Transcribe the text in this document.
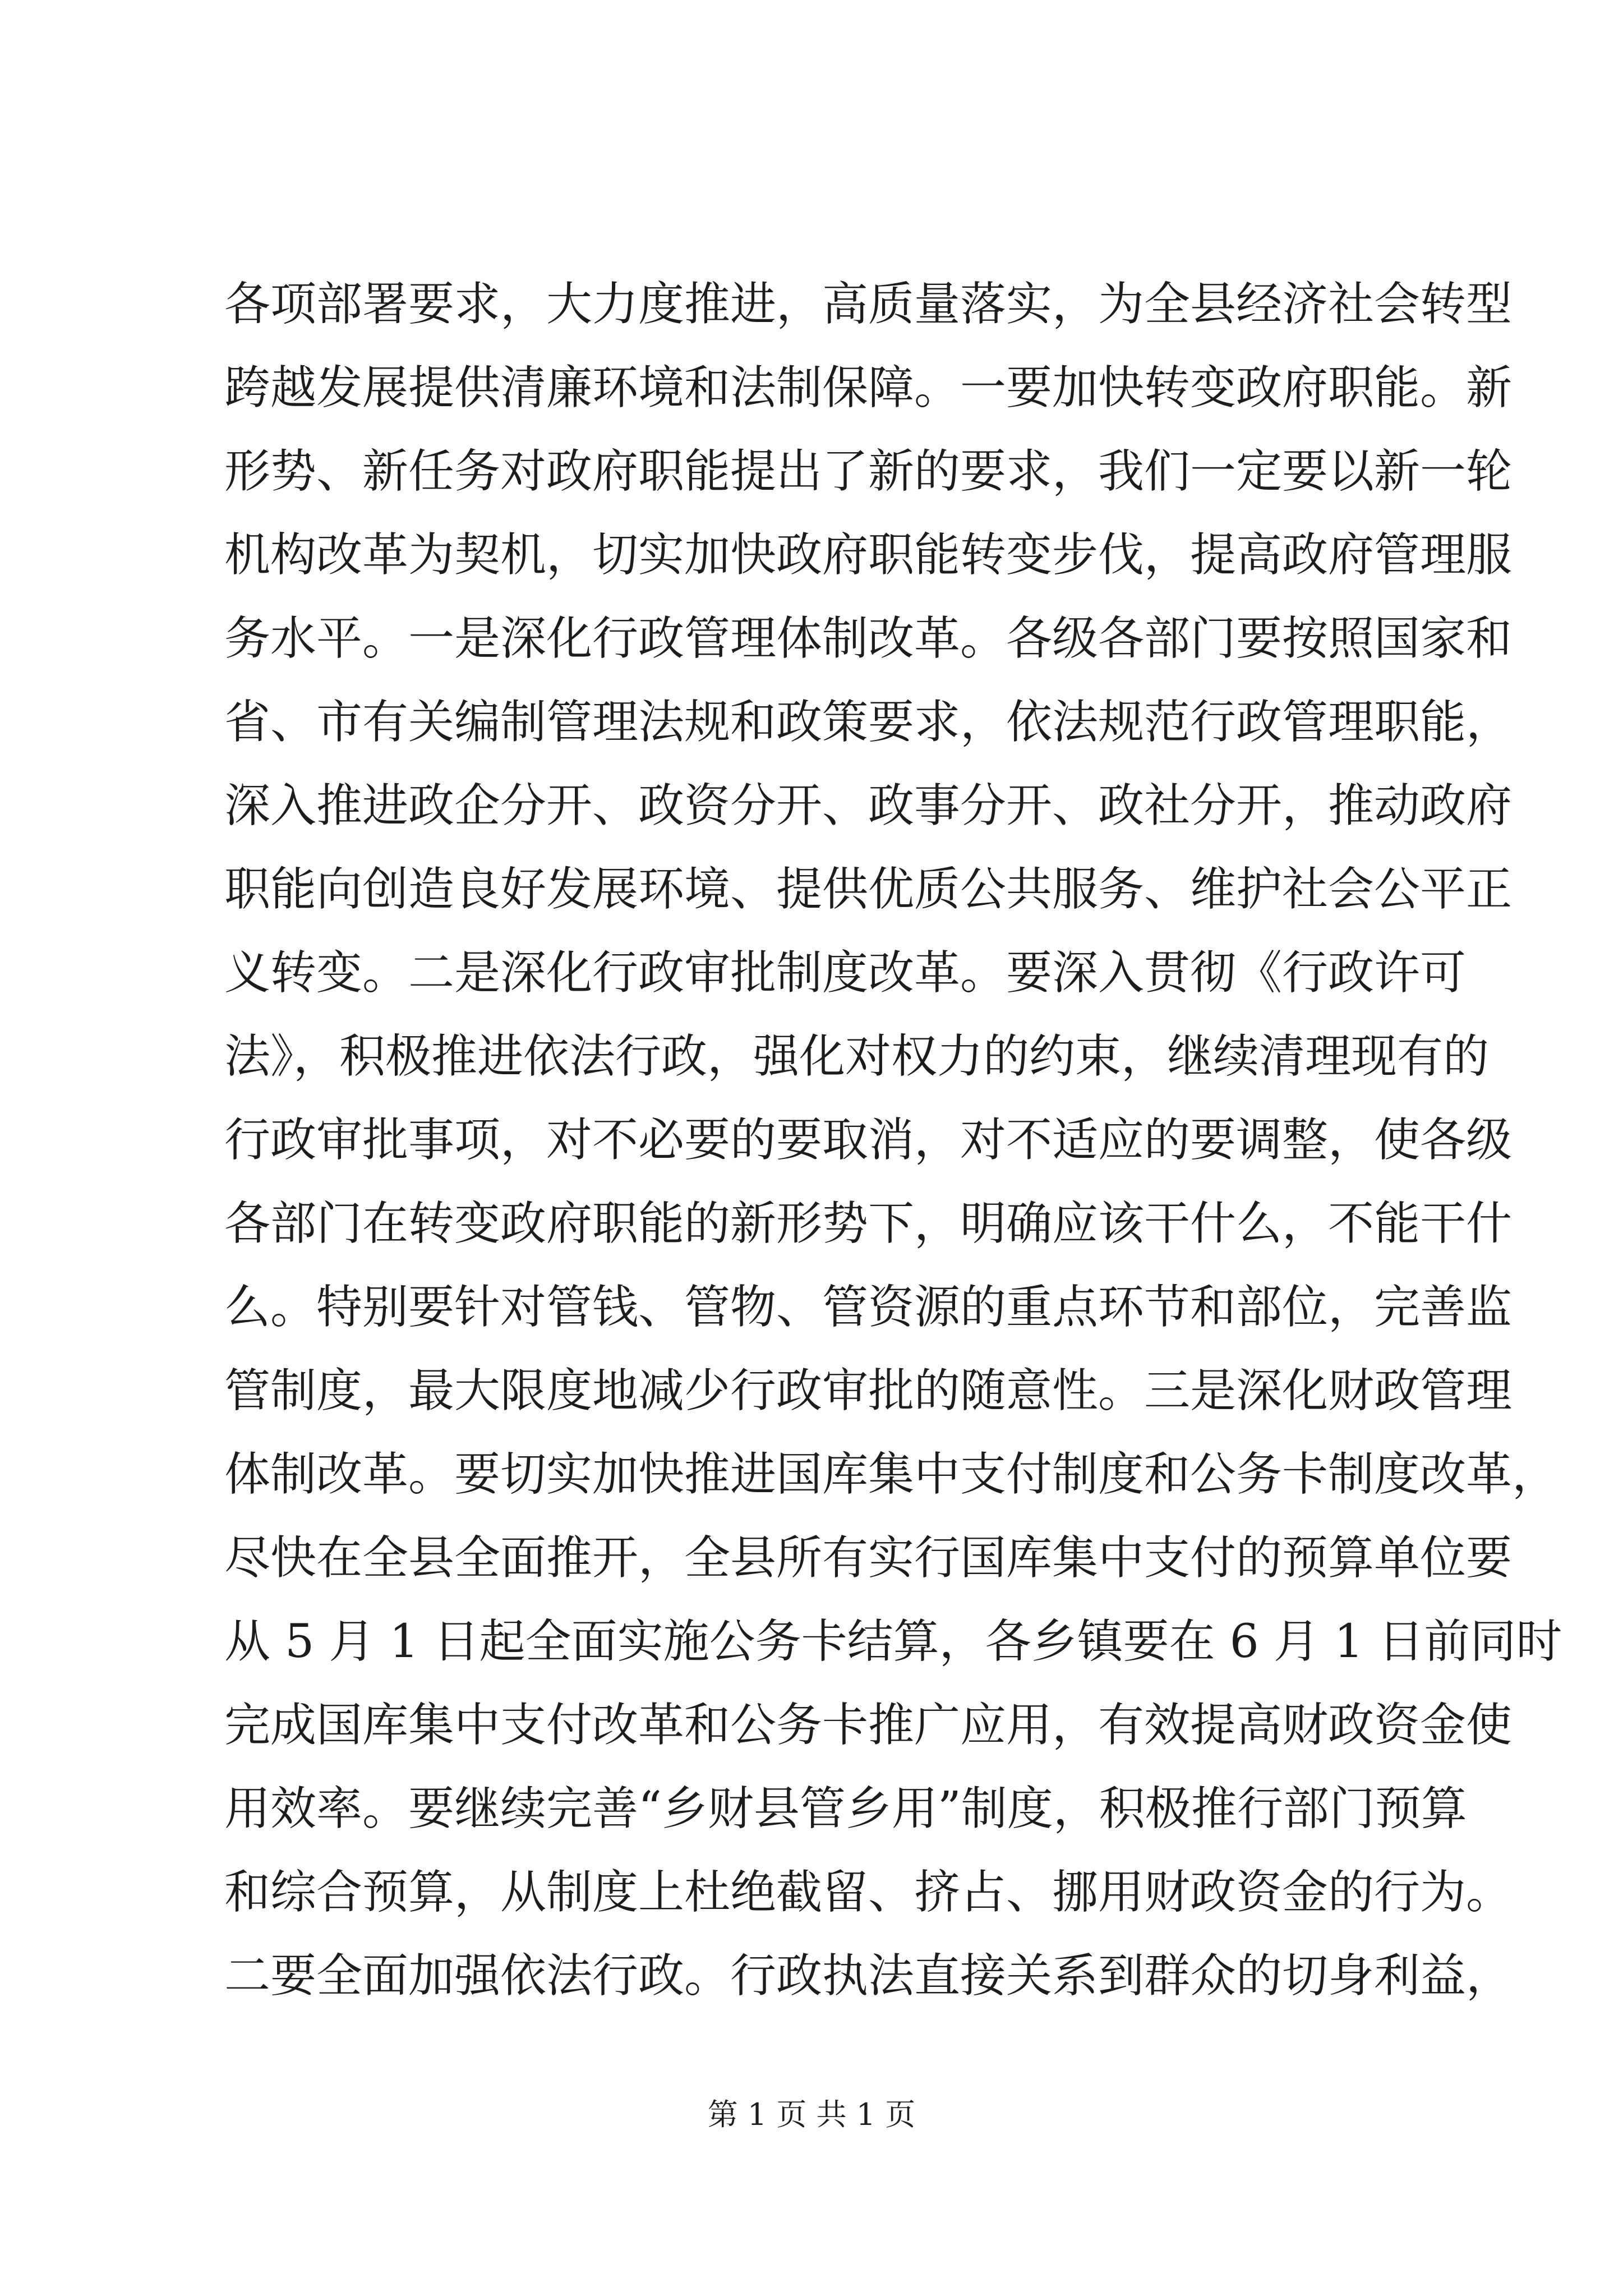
各项部署要求，大力度推进，高质量落实，为全县经济社会转型
跨越发展提供清廉环境和法制保障。一要加快转变政府职能。新
形势、新任务对政府职能提出了新的要求，我们一定要以新一轮
机构改革为契机，切实加快政府职能转变步伐，提高政府管理服
务水平。一是深化行政管理体制改革。各级各部门要按照国家和
省、市有关编制管理法规和政策要求，依法规范行政管理职能，
深入推进政企分开、政资分开、政事分开、政社分开，推动政府
职能向创造良好发展环境、提供优质公共服务、维护社会公平正
义转变。二是深化行政审批制度改革。要深入贯彻《行政许可
法》，积极推进依法行政，强化对权力的约束，继续清理现有的
行政审批事项，对不必要的要取消，对不适应的要调整，使各级
各部门在转变政府职能的新形势下，明确应该干什么，不能干什
么。特别要针对管钱、管物、管资源的重点环节和部位，完善监
管制度，最大限度地减少行政审批的随意性。三是深化财政管理
体制改革。要切实加快推进国库集中支付制度和公务卡制度改革，
尽快在全县全面推开，全县所有实行国库集中支付的预算单位要
从 5 月 1 日起全面实施公务卡结算，各乡镇要在 6 月 1 日前同时
完成国库集中支付改革和公务卡推广应用，有效提高财政资金使
用效率。要继续完善“乡财县管乡用”制度，积极推行部门预算
和综合预算，从制度上杜绝截留、挤占、挪用财政资金的行为。
二要全面加强依法行政。行政执法直接关系到群众的切身利益，
第 1 页 共 1 页
